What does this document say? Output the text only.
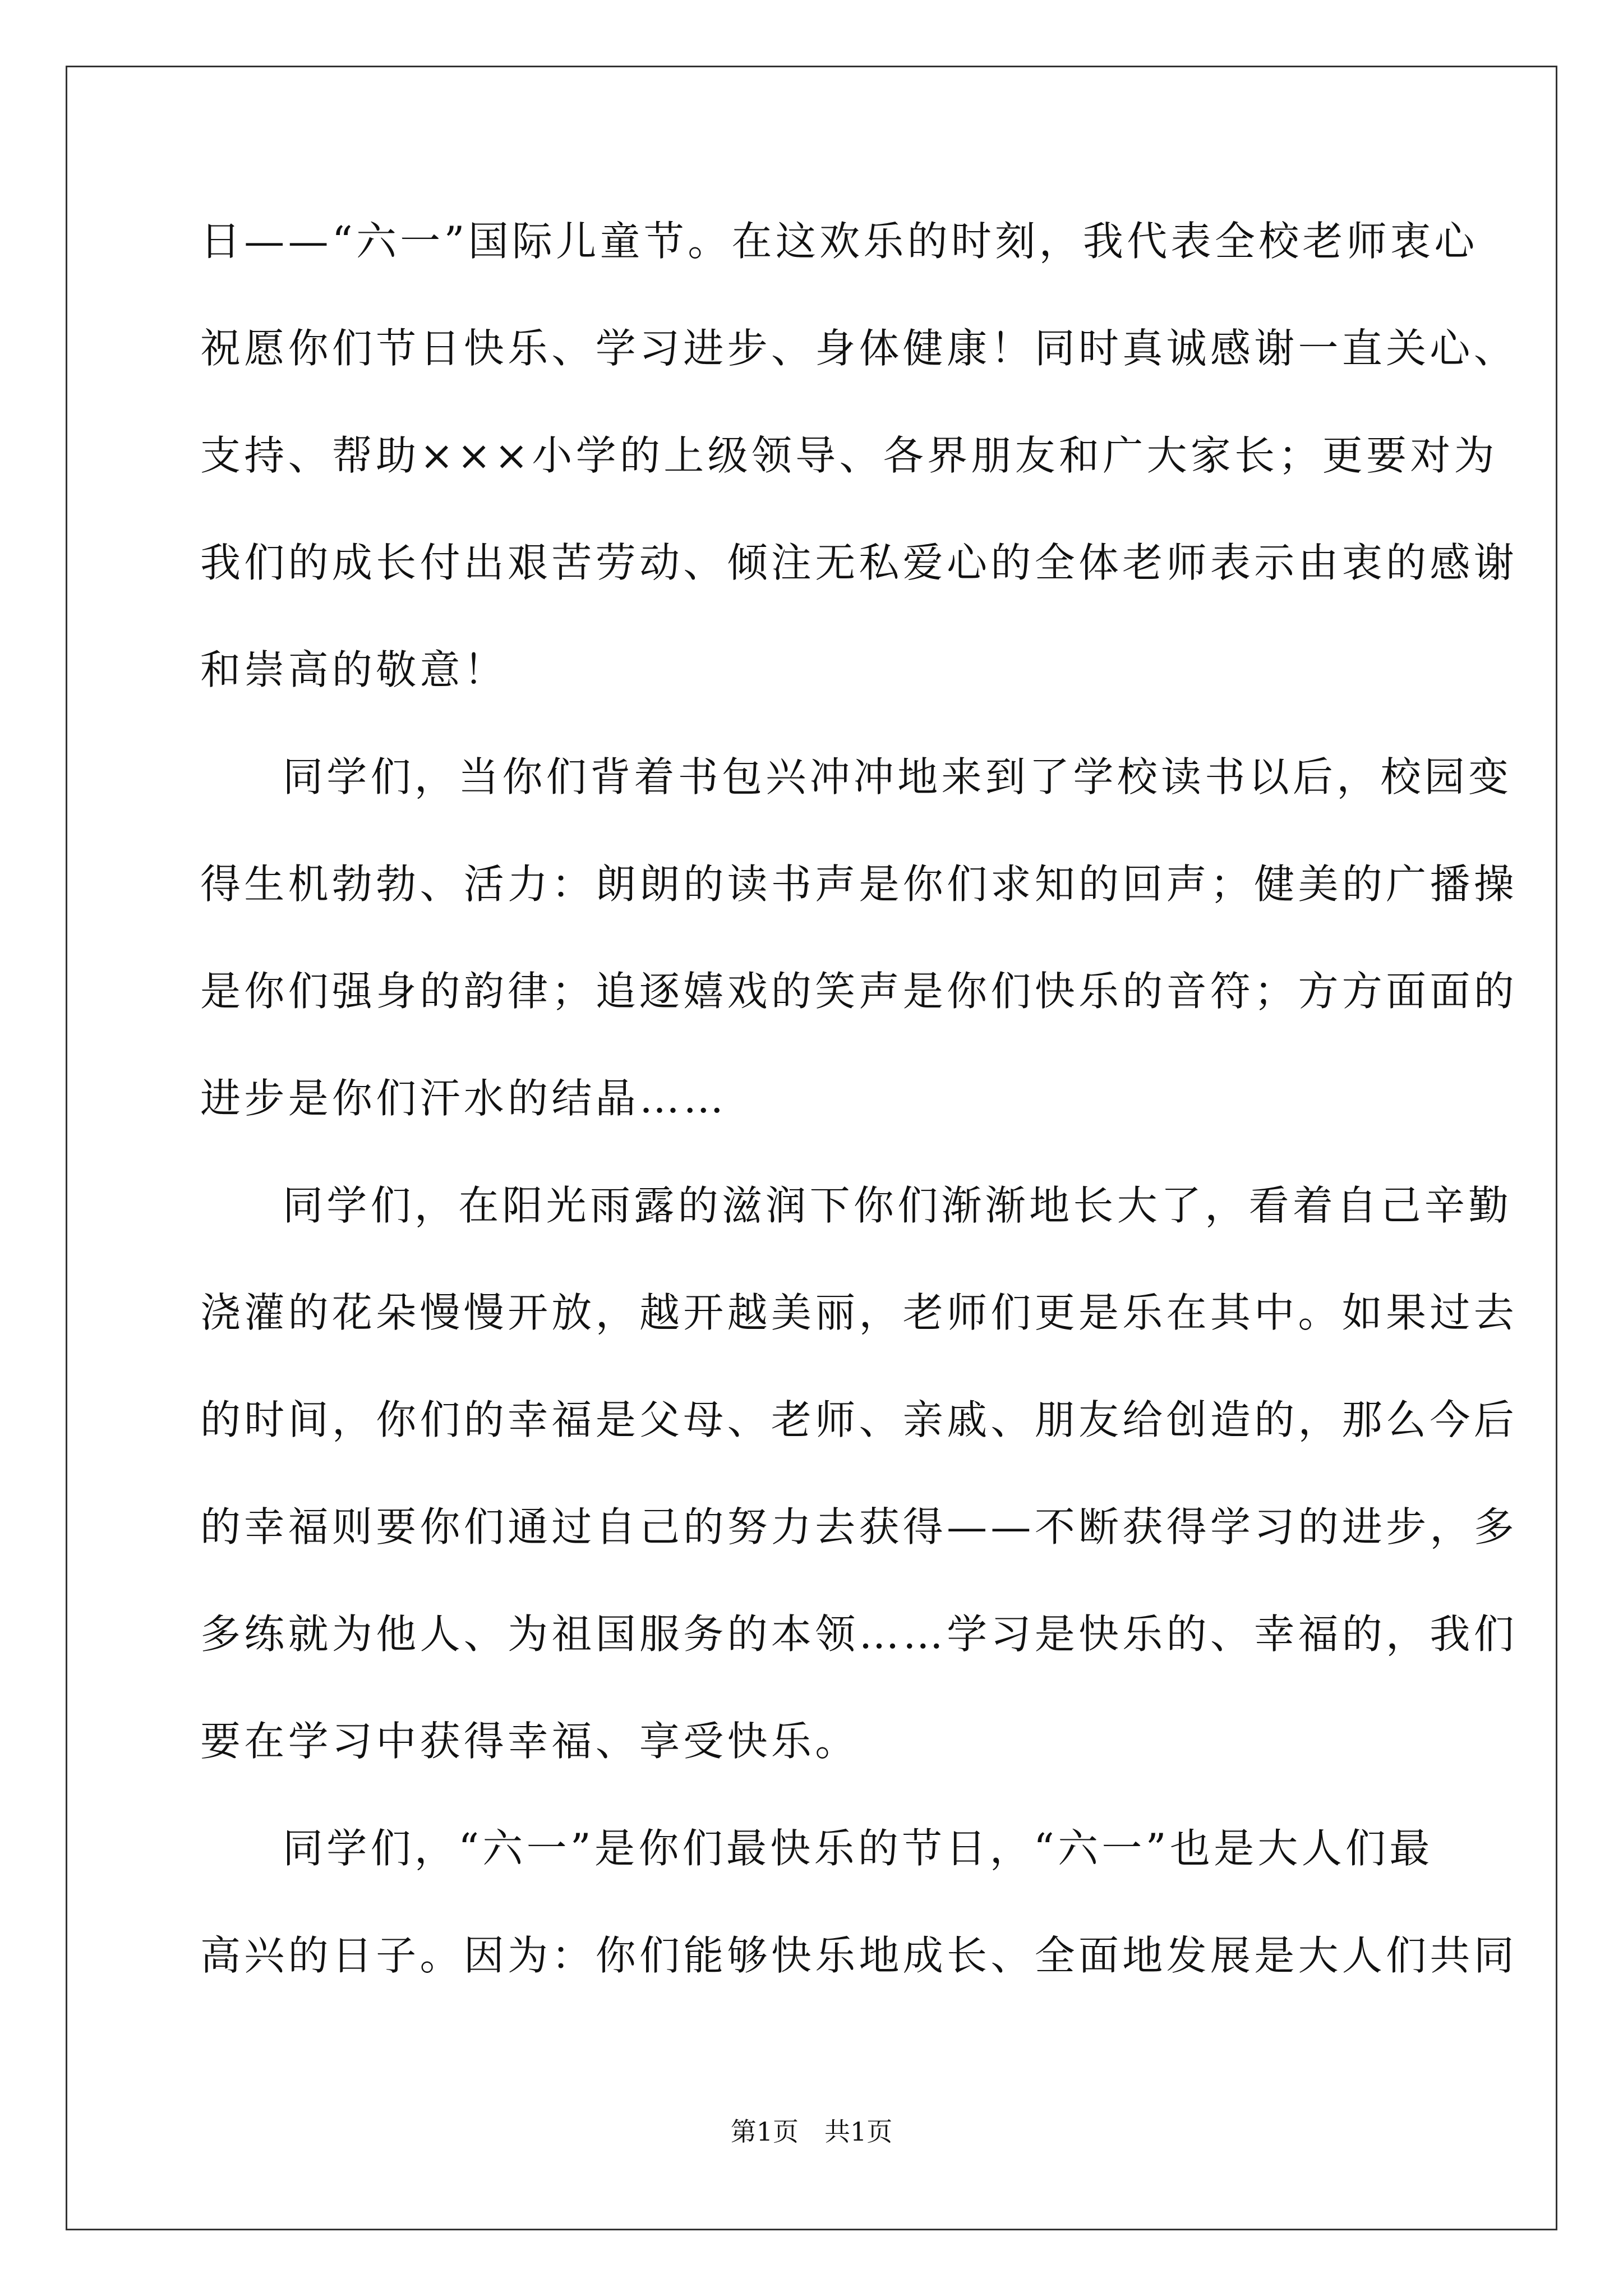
日——“六一”国际儿童节。在这欢乐的时刻，我代表全校老师衷心
祝愿你们节日快乐、学习进步、身体健康！同时真诚感谢一直关心、
支持、帮助×××小学的上级领导、各界朋友和广大家长；更要对为
我们的成长付出艰苦劳动、倾注无私爱心的全体老师表示由衷的感谢
和崇高的敬意！
同学们，当你们背着书包兴冲冲地来到了学校读书以后，校园变
得生机勃勃、活力：朗朗的读书声是你们求知的回声；健美的广播操
是你们强身的韵律；追逐嬉戏的笑声是你们快乐的音符；方方面面的
进步是你们汗水的结晶……
同学们，在阳光雨露的滋润下你们渐渐地长大了，看着自己辛勤
浇灌的花朵慢慢开放，越开越美丽，老师们更是乐在其中。如果过去
的时间，你们的幸福是父母、老师、亲戚、朋友给创造的，那么今后
的幸福则要你们通过自己的努力去获得——不断获得学习的进步，多
多练就为他人、为祖国服务的本领……学习是快乐的、幸福的，我们
要在学习中获得幸福、享受快乐。
同学们，“六一”是你们最快乐的节日，“六一”也是大人们最
高兴的日子。因为：你们能够快乐地成长、全面地发展是大人们共同
第1页　共1页
